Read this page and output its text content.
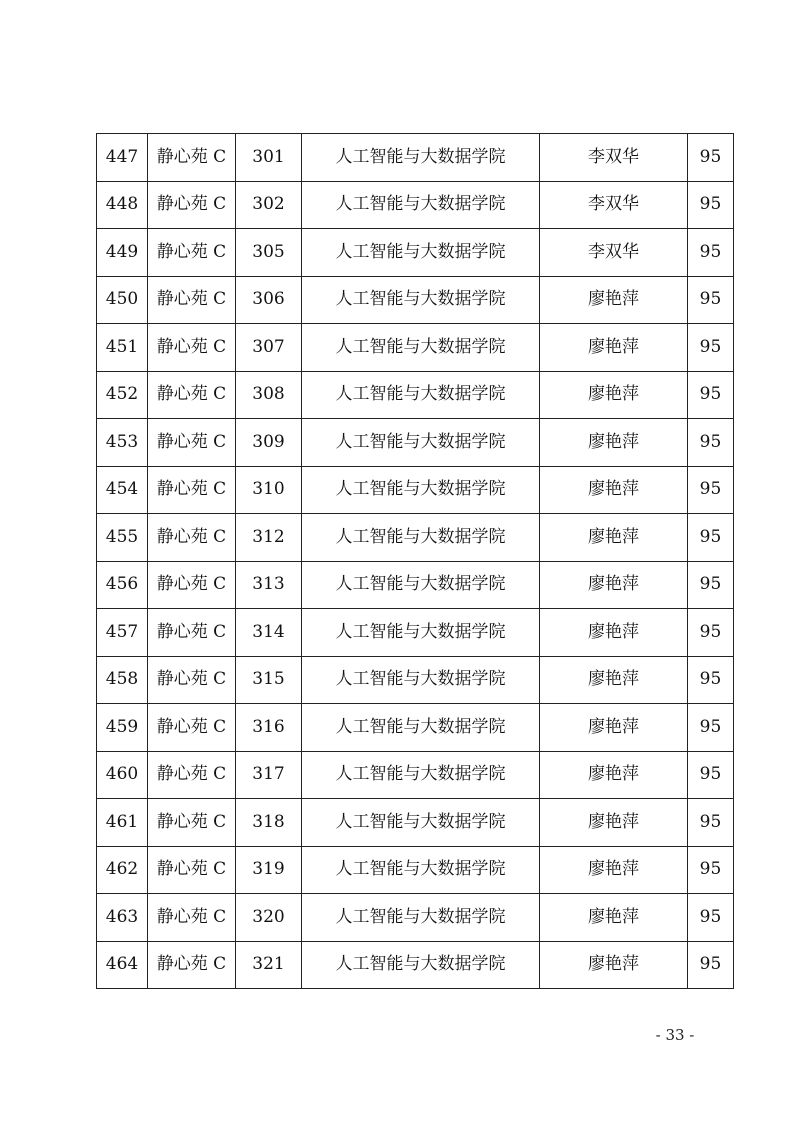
447	静心苑 C	301	人工智能与大数据学院	李双华	95
448	静心苑 C	302	人工智能与大数据学院	李双华	95
449	静心苑 C	305	人工智能与大数据学院	李双华	95
450	静心苑 C	306	人工智能与大数据学院	廖艳萍	95
451	静心苑 C	307	人工智能与大数据学院	廖艳萍	95
452	静心苑 C	308	人工智能与大数据学院	廖艳萍	95
453	静心苑 C	309	人工智能与大数据学院	廖艳萍	95
454	静心苑 C	310	人工智能与大数据学院	廖艳萍	95
455	静心苑 C	312	人工智能与大数据学院	廖艳萍	95
456	静心苑 C	313	人工智能与大数据学院	廖艳萍	95
457	静心苑 C	314	人工智能与大数据学院	廖艳萍	95
458	静心苑 C	315	人工智能与大数据学院	廖艳萍	95
459	静心苑 C	316	人工智能与大数据学院	廖艳萍	95
460	静心苑 C	317	人工智能与大数据学院	廖艳萍	95
461	静心苑 C	318	人工智能与大数据学院	廖艳萍	95
462	静心苑 C	319	人工智能与大数据学院	廖艳萍	95
463	静心苑 C	320	人工智能与大数据学院	廖艳萍	95
464	静心苑 C	321	人工智能与大数据学院	廖艳萍	95
- 33 -
